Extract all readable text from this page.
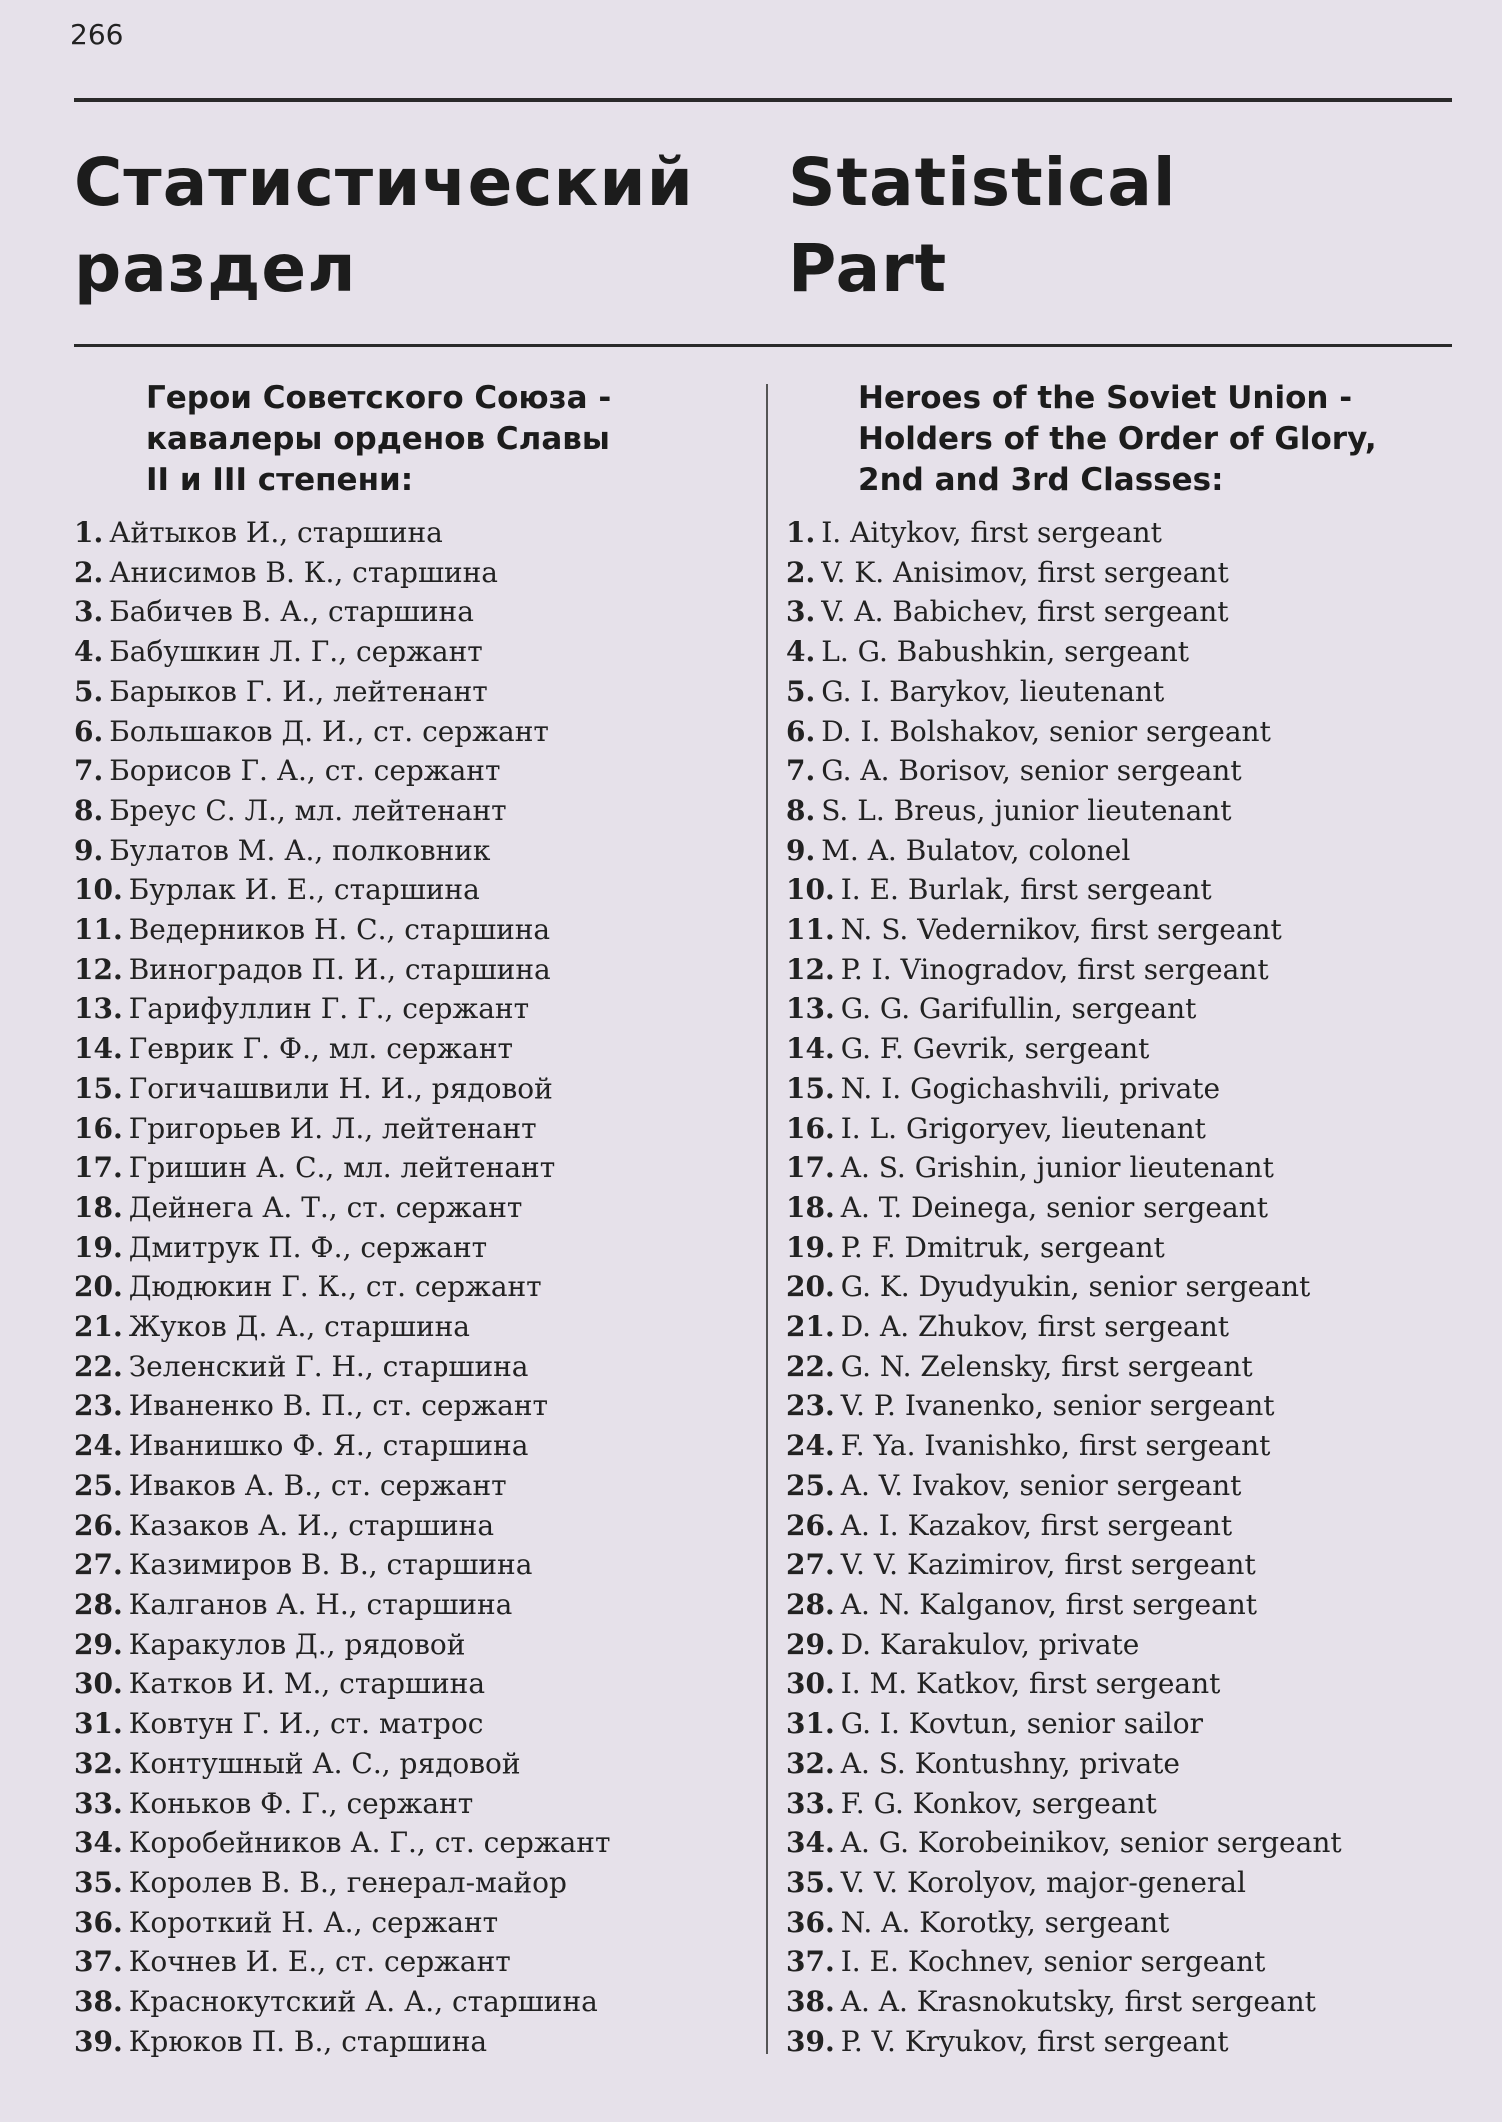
266
Статистический
раздел
Statistical
Part
Герои Советского Союза -
кавалеры орденов Славы
II и III степени:
1. Айтыков И., старшина
2. Анисимов В. К., старшина
3. Бабичев В. А., старшина
4. Бабушкин Л. Г., сержант
5. Барыков Г. И., лейтенант
6. Большаков Д. И., ст. сержант
7. Борисов Г. А., ст. сержант
8. Бреус С. Л., мл. лейтенант
9. Булатов М. А., полковник
10. Бурлак И. Е., старшина
11. Ведерников Н. С., старшина
12. Виноградов П. И., старшина
13. Гарифуллин Г. Г., сержант
14. Геврик Г. Ф., мл. сержант
15. Гогичашвили Н. И., рядовой
16. Григорьев И. Л., лейтенант
17. Гришин А. С., мл. лейтенант
18. Дейнега А. Т., ст. сержант
19. Дмитрук П. Ф., сержант
20. Дюдюкин Г. К., ст. сержант
21. Жуков Д. А., старшина
22. Зеленский Г. Н., старшина
23. Иваненко В. П., ст. сержант
24. Иванишко Ф. Я., старшина
25. Иваков А. В., ст. сержант
26. Казаков А. И., старшина
27. Казимиров В. В., старшина
28. Калганов А. Н., старшина
29. Каракулов Д., рядовой
30. Катков И. М., старшина
31. Ковтун Г. И., ст. матрос
32. Контушный А. С., рядовой
33. Коньков Ф. Г., сержант
34. Коробейников А. Г., ст. сержант
35. Королев В. В., генерал-майор
36. Короткий Н. А., сержант
37. Кочнев И. Е., ст. сержант
38. Краснокутский А. А., старшина
39. Крюков П. В., старшина
Heroes of the Soviet Union -
Holders of the Order of Glory,
2nd and 3rd Classes:
1. I. Aitykov, first sergeant
2. V. K. Anisimov, first sergeant
3. V. A. Babichev, first sergeant
4. L. G. Babushkin, sergeant
5. G. I. Barykov, lieutenant
6. D. I. Bolshakov, senior sergeant
7. G. A. Borisov, senior sergeant
8. S. L. Breus, junior lieutenant
9. M. A. Bulatov, colonel
10. I. E. Burlak, first sergeant
11. N. S. Vedernikov, first sergeant
12. P. I. Vinogradov, first sergeant
13. G. G. Garifullin, sergeant
14. G. F. Gevrik, sergeant
15. N. I. Gogichashvili, private
16. I. L. Grigoryev, lieutenant
17. A. S. Grishin, junior lieutenant
18. A. T. Deinega, senior sergeant
19. P. F. Dmitruk, sergeant
20. G. K. Dyudyukin, senior sergeant
21. D. A. Zhukov, first sergeant
22. G. N. Zelensky, first sergeant
23. V. P. Ivanenko, senior sergeant
24. F. Ya. Ivanishko, first sergeant
25. A. V. Ivakov, senior sergeant
26. A. I. Kazakov, first sergeant
27. V. V. Kazimirov, first sergeant
28. A. N. Kalganov, first sergeant
29. D. Karakulov, private
30. I. M. Katkov, first sergeant
31. G. I. Kovtun, senior sailor
32. A. S. Kontushny, private
33. F. G. Konkov, sergeant
34. A. G. Korobeinikov, senior sergeant
35. V. V. Korolyov, major-general
36. N. A. Korotky, sergeant
37. I. E. Kochnev, senior sergeant
38. A. A. Krasnokutsky, first sergeant
39. P. V. Kryukov, first sergeant
